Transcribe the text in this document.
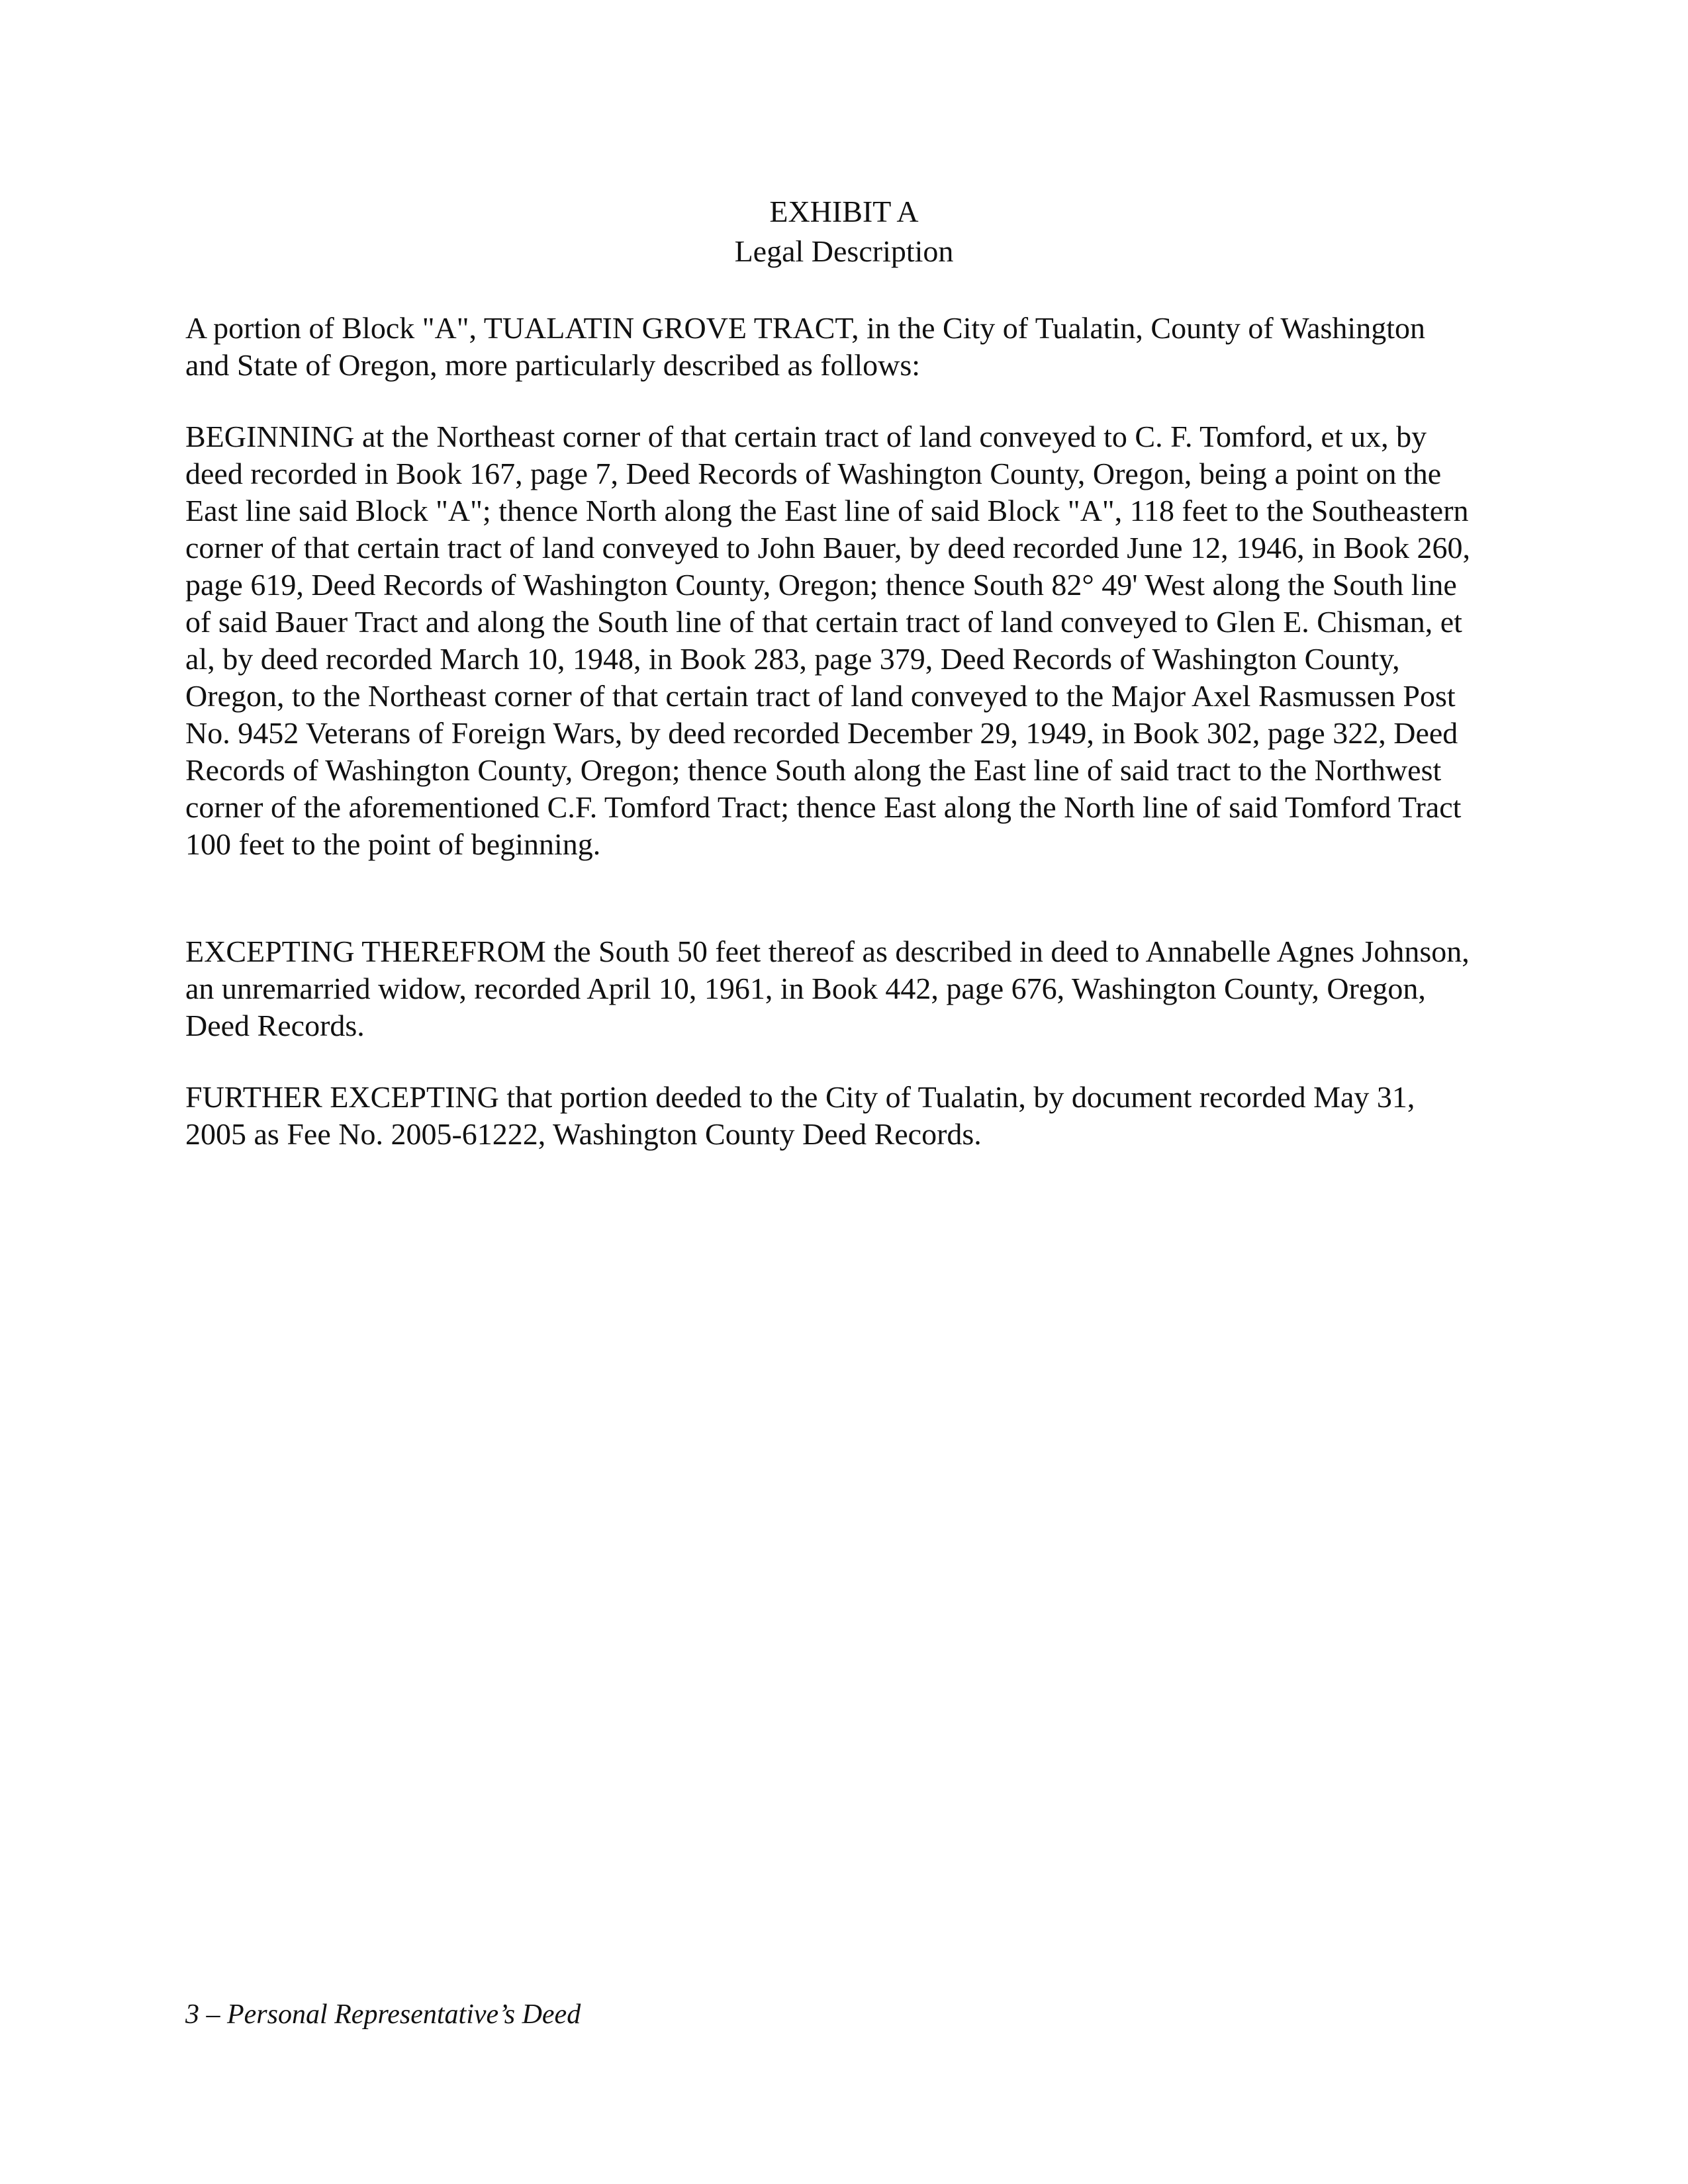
EXHIBIT A
Legal Description
A portion of Block "A", TUALATIN GROVE TRACT, in the City of Tualatin, County of Washington and State of Oregon, more particularly described as follows:
BEGINNING at the Northeast corner of that certain tract of land conveyed to C. F. Tomford, et ux, by deed recorded in Book 167, page 7, Deed Records of Washington County, Oregon, being a point on the East line said Block "A"; thence North along the East line of said Block "A", 118 feet to the Southeastern corner of that certain tract of land conveyed to John Bauer, by deed recorded June 12, 1946, in Book 260, page 619, Deed Records of Washington County, Oregon; thence South 82° 49' West along the South line of said Bauer Tract and along the South line of that certain tract of land conveyed to Glen E. Chisman, et al, by deed recorded March 10, 1948, in Book 283, page 379, Deed Records of Washington County, Oregon, to the Northeast corner of that certain tract of land conveyed to the Major Axel Rasmussen Post No. 9452 Veterans of Foreign Wars, by deed recorded December 29, 1949, in Book 302, page 322, Deed Records of Washington County, Oregon; thence South along the East line of said tract to the Northwest corner of the aforementioned C.F. Tomford Tract; thence East along the North line of said Tomford Tract 100 feet to the point of beginning.
EXCEPTING THEREFROM the South 50 feet thereof as described in deed to Annabelle Agnes Johnson, an unremarried widow, recorded April 10, 1961, in Book 442, page 676, Washington County, Oregon, Deed Records.
FURTHER EXCEPTING that portion deeded to the City of Tualatin, by document recorded May 31, 2005 as Fee No. 2005-61222, Washington County Deed Records.
3 – Personal Representative’s Deed
